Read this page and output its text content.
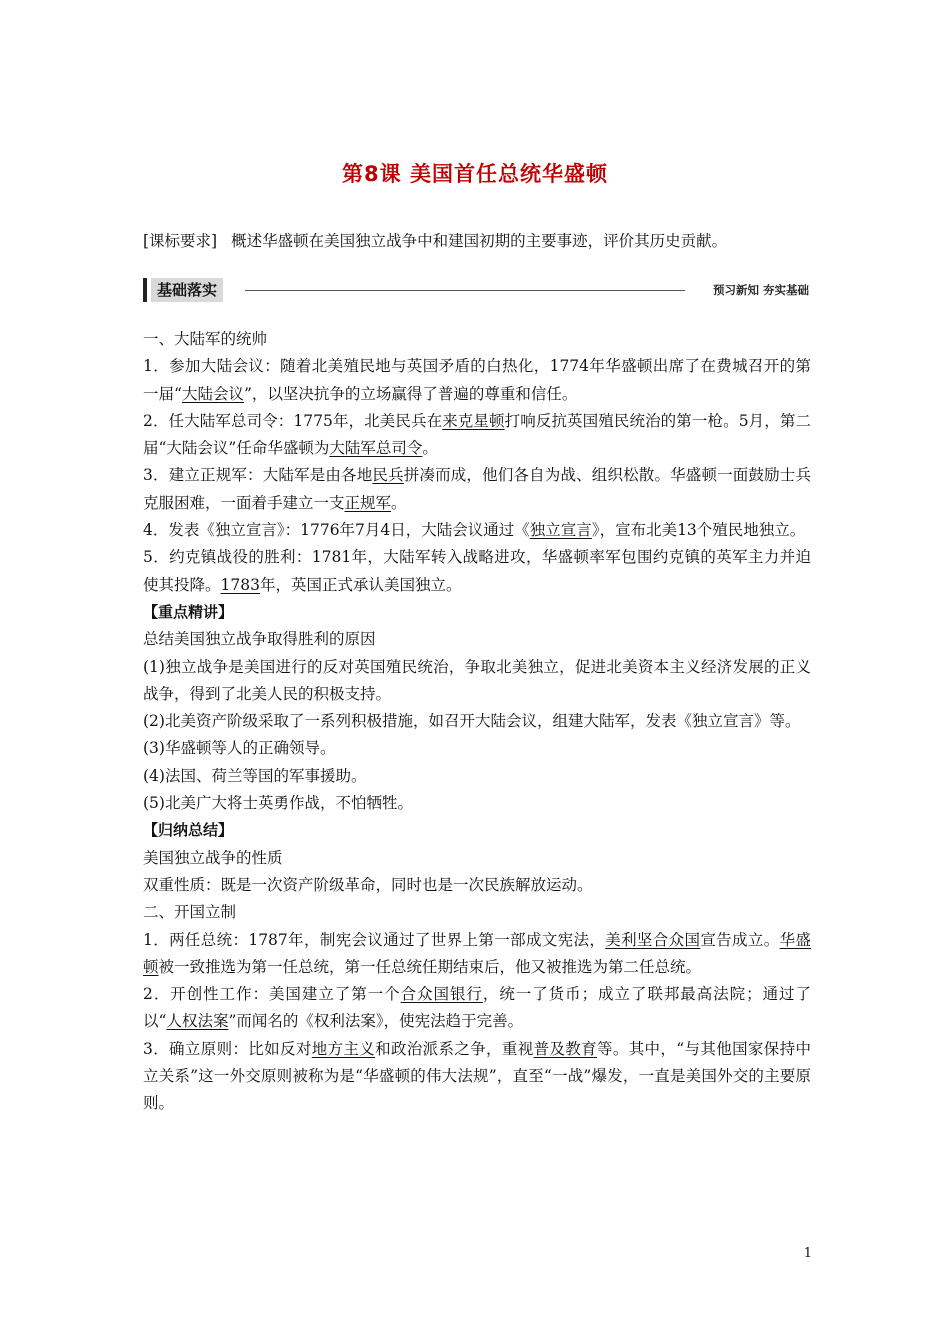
第8课 美国首任总统华盛顿
[课标要求] 概述华盛顿在美国独立战争中和建国初期的主要事迹，评价其历史贡献。
基础落实	预习新知 夯实基础

一、大陆军的统帅

1．参加大陆会议：随着北美殖民地与英国矛盾的白热化，1774年华盛顿出席了在费城召开的第一届“大陆会议”，以坚决抗争的立场赢得了普遍的尊重和信任。

2．任大陆军总司令：1775年，北美民兵在来克星顿打响反抗英国殖民统治的第一枪。5月，第二届“大陆会议”任命华盛顿为大陆军总司令。

3．建立正规军：大陆军是由各地民兵拼凑而成，他们各自为战、组织松散。华盛顿一面鼓励士兵克服困难，一面着手建立一支正规军。

4．发表《独立宣言》：1776年7月4日，大陆会议通过《独立宣言》，宣布北美13个殖民地独立。

5．约克镇战役的胜利：1781年，大陆军转入战略进攻，华盛顿率军包围约克镇的英军主力并迫使其投降。1783年，英国正式承认美国独立。

【重点精讲】

总结美国独立战争取得胜利的原因

(1)独立战争是美国进行的反对英国殖民统治，争取北美独立，促进北美资本主义经济发展的正义战争，得到了北美人民的积极支持。

(2)北美资产阶级采取了一系列积极措施，如召开大陆会议，组建大陆军，发表《独立宣言》等。

(3)华盛顿等人的正确领导。

(4)法国、荷兰等国的军事援助。

(5)北美广大将士英勇作战，不怕牺牲。

【归纳总结】

美国独立战争的性质

双重性质：既是一次资产阶级革命，同时也是一次民族解放运动。

二、开国立制

1．两任总统：1787年，制宪会议通过了世界上第一部成文宪法，美利坚合众国宣告成立。华盛顿被一致推选为第一任总统，第一任总统任期结束后，他又被推选为第二任总统。

2．开创性工作：美国建立了第一个合众国银行，统一了货币；成立了联邦最高法院；通过了以“人权法案”而闻名的《权利法案》，使宪法趋于完善。

3．确立原则：比如反对地方主义和政治派系之争，重视普及教育等。其中，“与其他国家保持中立关系”这一外交原则被称为是“华盛顿的伟大法规”，直至“一战”爆发，一直是美国外交的主要原则。

1
